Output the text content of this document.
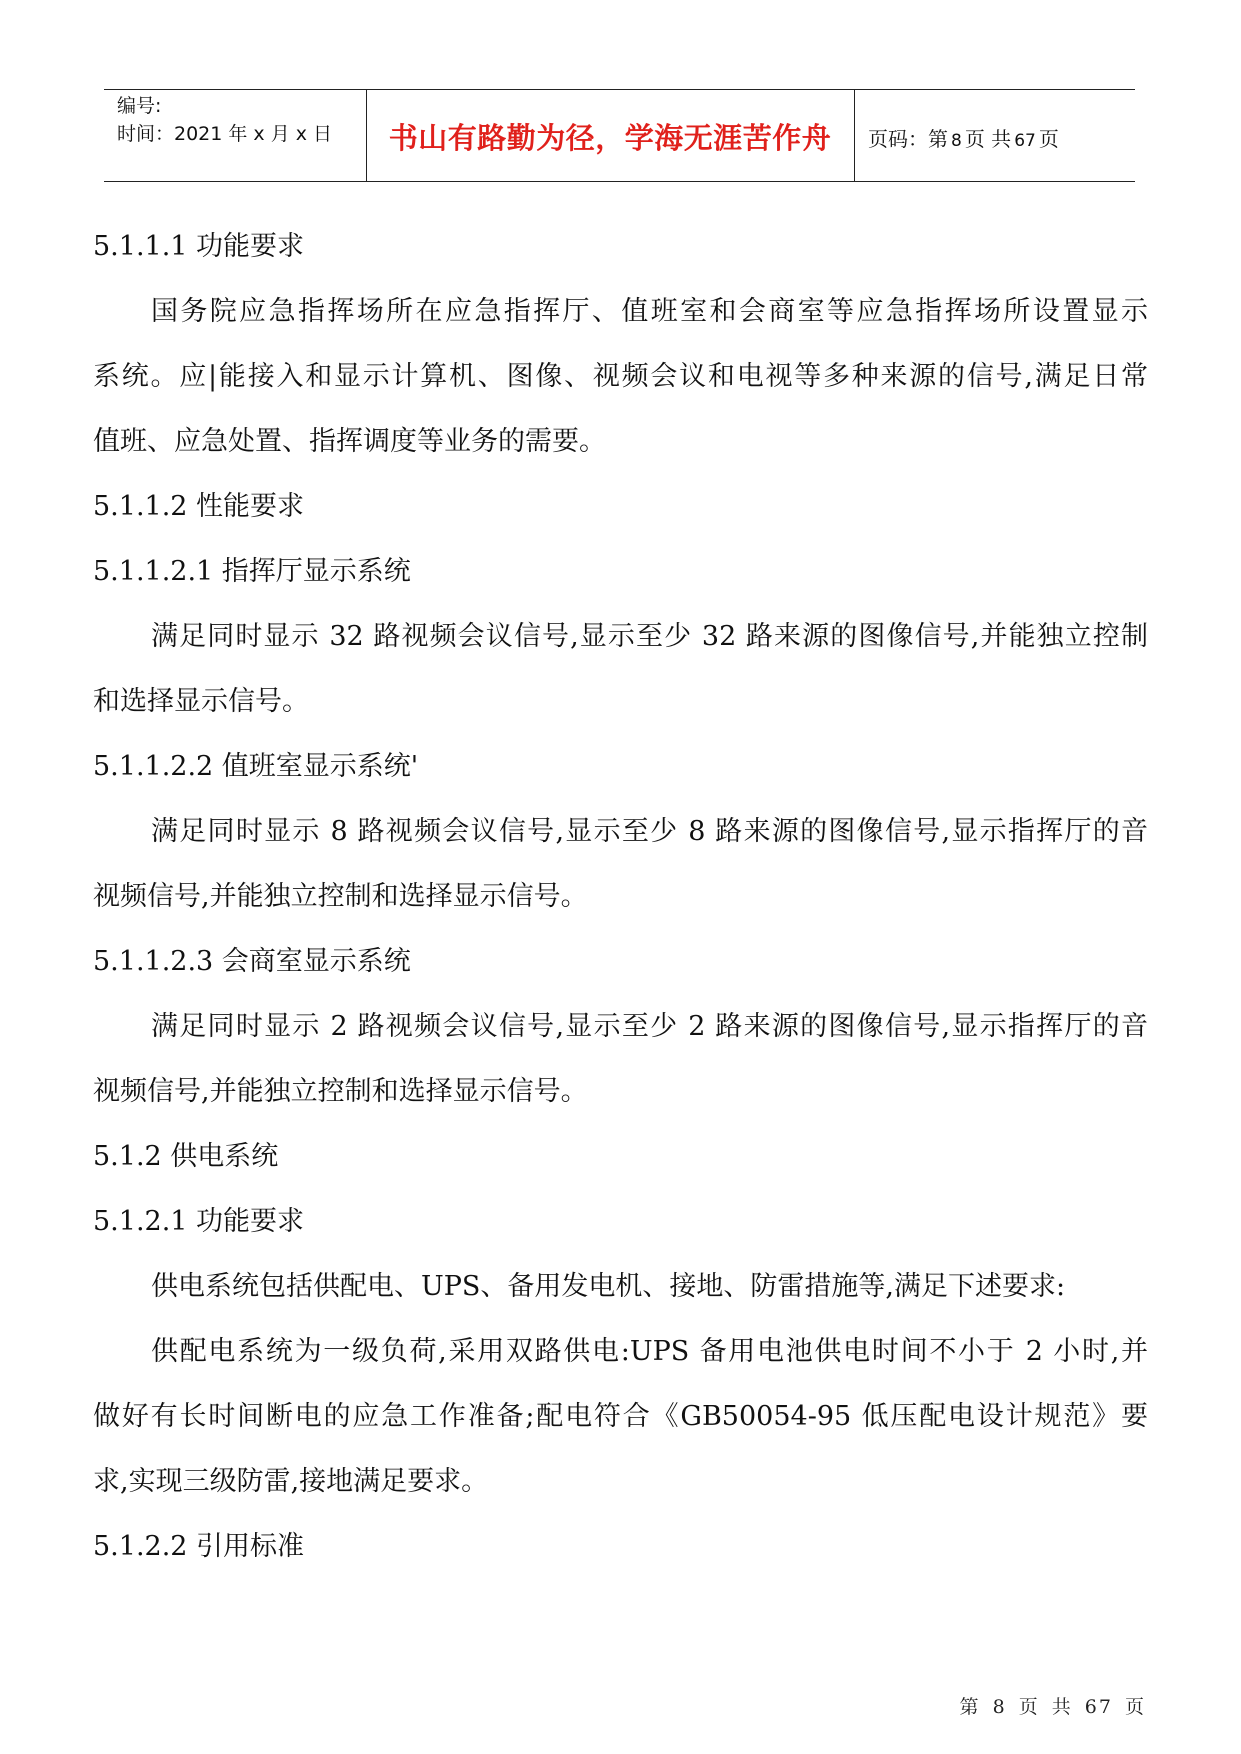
编号:
时间：2021 年 x 月 x 日	书山有路勤为径，学海无涯苦作舟	页码：第 8 页 共 67 页
5.1.1.1 功能要求
国务院应急指挥场所在应急指挥厅、值班室和会商室等应急指挥场所设置显示
系统。应|能接入和显示计算机、图像、视频会议和电视等多种来源的信号,满足日常
值班、应急处置、指挥调度等业务的需要。
5.1.1.2 性能要求
5.1.1.2.1 指挥厅显示系统
满足同时显示 32 路视频会议信号,显示至少 32 路来源的图像信号,并能独立控制
和选择显示信号。
5.1.1.2.2 值班室显示系统'
满足同时显示 8 路视频会议信号,显示至少 8 路来源的图像信号,显示指挥厅的音
视频信号,并能独立控制和选择显示信号。
5.1.1.2.3 会商室显示系统
满足同时显示 2 路视频会议信号,显示至少 2 路来源的图像信号,显示指挥厅的音
视频信号,并能独立控制和选择显示信号。
5.1.2 供电系统
5.1.2.1 功能要求
供电系统包括供配电、UPS、备用发电机、接地、防雷措施等,满足下述要求:
供配电系统为一级负荷,采用双路供电:UPS 备用电池供电时间不小于 2 小时,并
做好有长时间断电的应急工作准备;配电符合《GB50054-95 低压配电设计规范》要
求,实现三级防雷,接地满足要求。
5.1.2.2 引用标准
第 8 页 共 67 页
